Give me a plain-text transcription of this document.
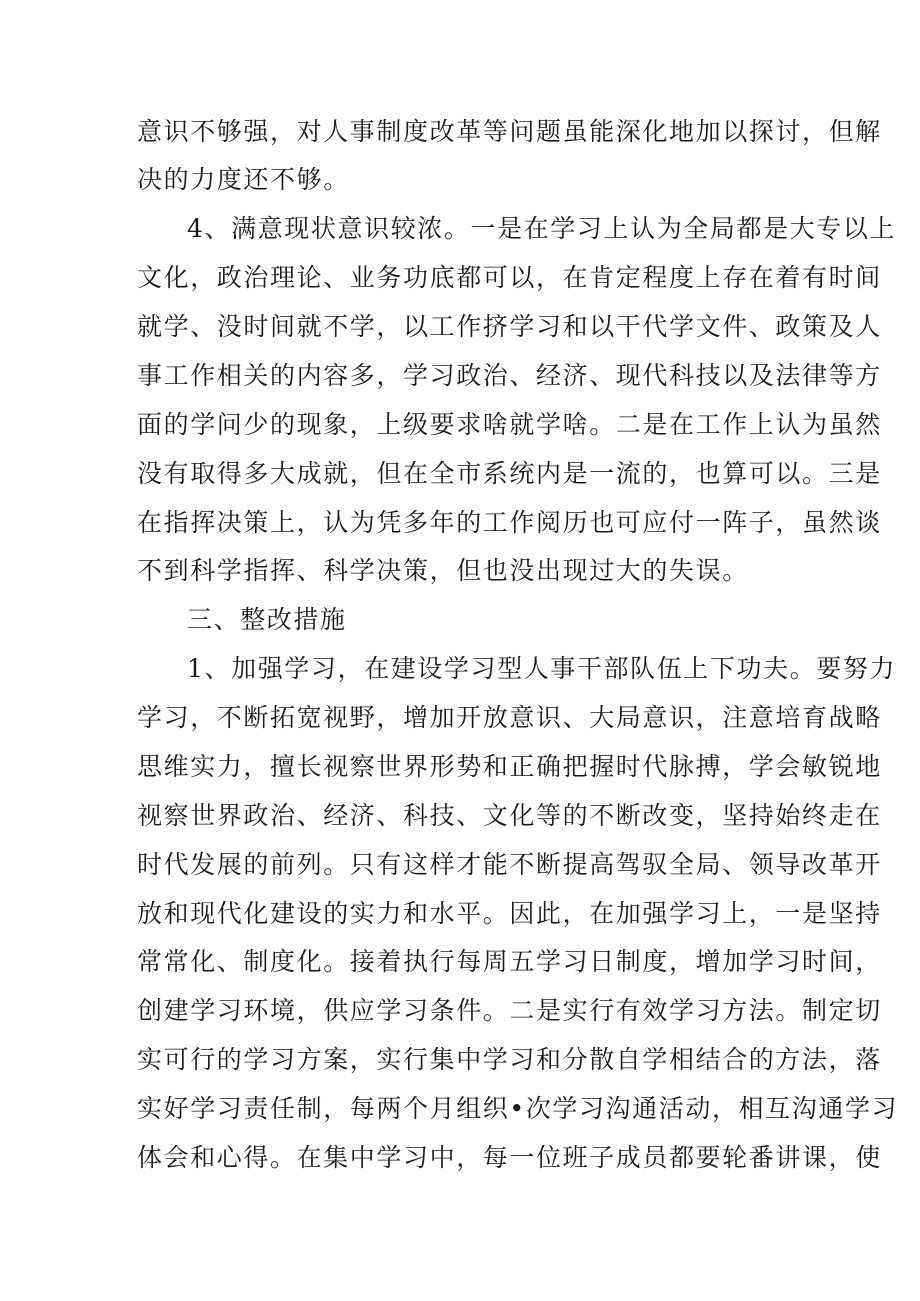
意识不够强，对人事制度改革等问题虽能深化地加以探讨，但解
决的力度还不够。
4、满意现状意识较浓。一是在学习上认为全局都是大专以上
文化，政治理论、业务功底都可以，在肯定程度上存在着有时间
就学、没时间就不学，以工作挤学习和以干代学文件、政策及人
事工作相关的内容多，学习政治、经济、现代科技以及法律等方
面的学问少的现象，上级要求啥就学啥。二是在工作上认为虽然
没有取得多大成就，但在全市系统内是一流的，也算可以。三是
在指挥决策上，认为凭多年的工作阅历也可应付一阵子，虽然谈
不到科学指挥、科学决策，但也没出现过大的失误。
三、整改措施
1、加强学习，在建设学习型人事干部队伍上下功夫。要努力
学习，不断拓宽视野，增加开放意识、大局意识，注意培育战略
思维实力，擅长视察世界形势和正确把握时代脉搏，学会敏锐地
视察世界政治、经济、科技、文化等的不断改变，坚持始终走在
时代发展的前列。只有这样才能不断提高驾驭全局、领导改革开
放和现代化建设的实力和水平。因此，在加强学习上，一是坚持
常常化、制度化。接着执行每周五学习日制度，增加学习时间，
创建学习环境，供应学习条件。二是实行有效学习方法。制定切
实可行的学习方案，实行集中学习和分散自学相结合的方法，落
实好学习责任制，每两个月组织•次学习沟通活动，相互沟通学习
体会和心得。在集中学习中，每一位班子成员都要轮番讲课，使
